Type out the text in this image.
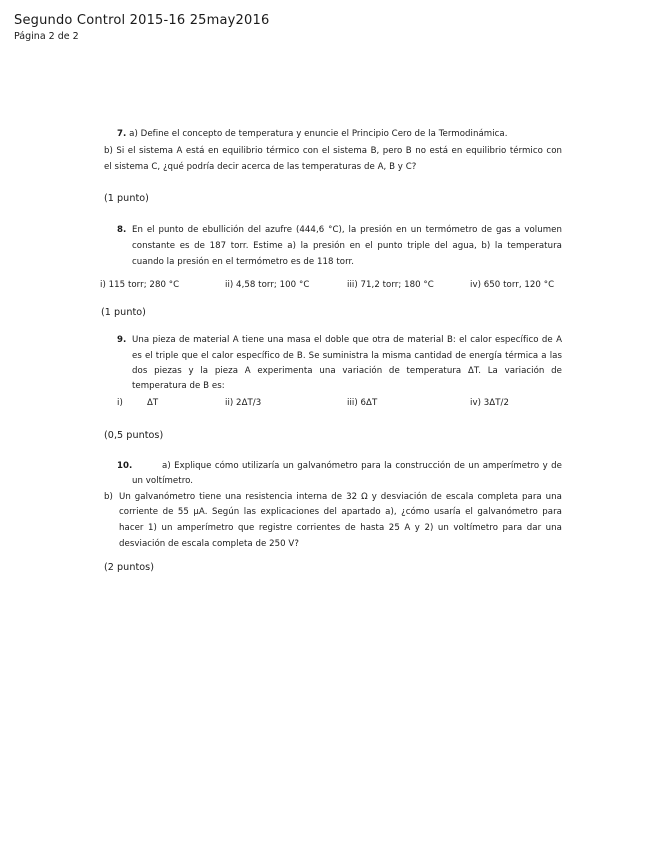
Segundo Control 2015-16 25may2016
Página 2 de 2
7. a) Define el concepto de temperatura y enuncie el Principio Cero de la Termodinámica.
b) Si el sistema A está en equilibrio térmico con el sistema B, pero B no está en equilibrio térmico con
el sistema C, ¿qué podría decir acerca de las temperaturas de A, B y C?
(1 punto)
8. En el punto de ebullición del azufre (444,6 °C), la presión en un termómetro de gas a volumen
constante es de 187 torr. Estime a) la presión en el punto triple del agua, b) la temperatura
cuando la presión en el termómetro es de 118 torr.
i) 115 torr; 280 °C	ii) 4,58 torr; 100 °C	iii) 71,2 torr; 180 °C	iv) 650 torr, 120 °C
(1 punto)
9. Una pieza de material A tiene una masa el doble que otra de material B: el calor específico de A
es el triple que el calor específico de B. Se suministra la misma cantidad de energía térmica a las
dos piezas y la pieza A experimenta una variación de temperatura ΔT. La variación de
temperatura de B es:
i)	ΔT	ii) 2ΔT/3	iii) 6ΔT	iv) 3ΔT/2
(0,5 puntos)
10.	a) Explique cómo utilizaría un galvanómetro para la construcción de un amperímetro y de
un voltímetro.
b) Un galvanómetro tiene una resistencia interna de 32 Ω y desviación de escala completa para una
corriente de 55 μA. Según las explicaciones del apartado a), ¿cómo usaría el galvanómetro para
hacer 1) un amperímetro que registre corrientes de hasta 25 A y 2) un voltímetro para dar una
desviación de escala completa de 250 V?
(2 puntos)
